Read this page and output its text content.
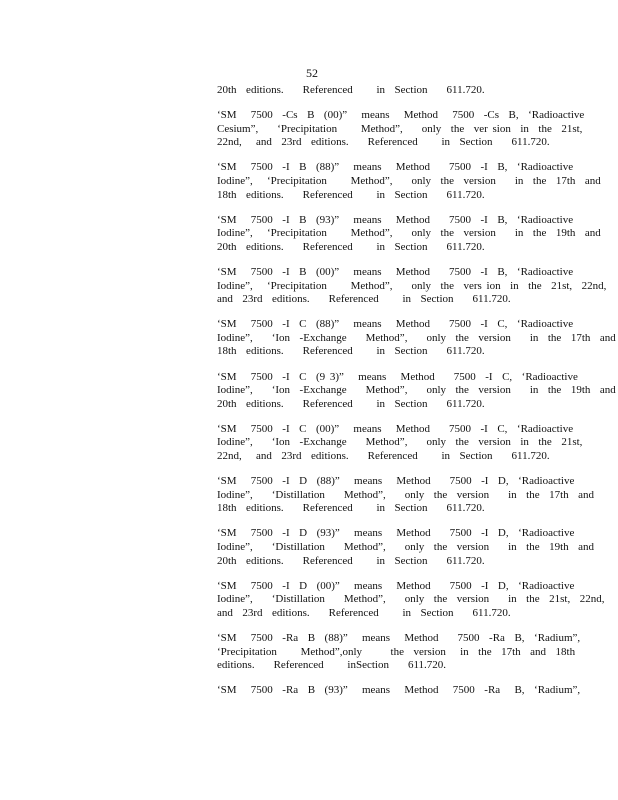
52

20th  editions.    Referenced     in  Section    611.720.

‘SM   7500  -Cs  B  (00)”   means   Method   7500  -Cs  B,  ‘Radioactive
Cesium”,    ‘Precipitation     Method”,    only  the  ver sion  in  the  21st,
22nd,   and  23rd  editions.    Referenced     in  Section    611.720.

‘SM   7500  -I  B  (88)”   means   Method    7500  -I  B,  ‘Radioactive
Iodine”,   ‘Precipitation     Method”,    only  the  version    in  the  17th  and
18th  editions.    Referenced     in  Section    611.720.

‘SM   7500  -I  B  (93)”   means   Method    7500  -I  B,  ‘Radioactive
Iodine”,   ‘Precipitation     Method”,    only  the  version    in  the  19th  and
20th  editions.    Referenced     in  Section    611.720.

‘SM   7500  -I  B  (00)”   means   Method    7500  -I  B,  ‘Radioactive
Iodine”,   ‘Precipitation     Method”,    only  the  vers ion  in  the  21st,  22nd,
and  23rd  editions.    Referenced     in  Section    611.720.

‘SM   7500  -I  C  (88)”   means   Method    7500  -I  C,  ‘Radioactive
Iodine”,    ‘Ion  -Exchange    Method”,    only  the  version    in  the  17th  and
18th  editions.    Referenced     in  Section    611.720.

‘SM   7500  -I  C  (9 3)”   means   Method    7500  -I  C,  ‘Radioactive
Iodine”,    ‘Ion  -Exchange    Method”,    only  the  version    in  the  19th  and
20th  editions.    Referenced     in  Section    611.720.

‘SM   7500  -I  C  (00)”   means   Method    7500  -I  C,  ‘Radioactive
Iodine”,    ‘Ion  -Exchange    Method”,    only  the  version  in  the  21st,
22nd,   and  23rd  editions.    Referenced     in  Section    611.720.

‘SM   7500  -I  D  (88)”   means   Method    7500  -I  D,  ‘Radioactive
Iodine”,    ‘Distillation    Method”,    only  the  version    in  the  17th  and
18th  editions.    Referenced     in  Section    611.720.

‘SM   7500  -I  D  (93)”   means   Method    7500  -I  D,  ‘Radioactive
Iodine”,    ‘Distillation    Method”,    only  the  version    in  the  19th  and
20th  editions.    Referenced     in  Section    611.720.

‘SM   7500  -I  D  (00)”   means   Method    7500  -I  D,  ‘Radioactive
Iodine”,    ‘Distillation    Method”,    only  the  version    in  the  21st,  22nd,
and  23rd  editions.    Referenced     in  Section    611.720.

‘SM   7500  -Ra  B  (88)”   means   Method    7500  -Ra  B,  ‘Radium”,
‘Precipitation     Method”,only      the  version   in  the  17th  and  18th
editions.    Referenced     inSection    611.720.

‘SM   7500  -Ra  B  (93)”   means   Method   7500  -Ra   B,  ‘Radium”,
